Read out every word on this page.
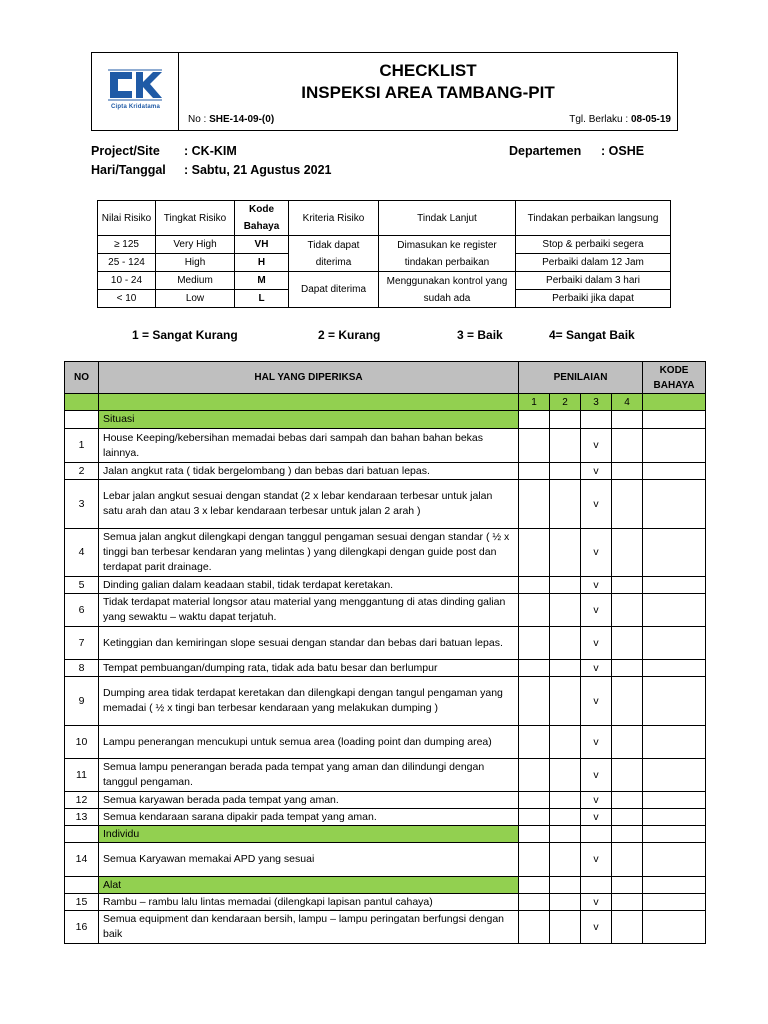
Cipta Kridatama
CHECKLIST
INSPEKSI AREA TAMBANG-PIT
No : SHE-14-09-(0)	Tgl. Berlaku : 08-05-19
Project/Site : CK-KIM
Hari/Tanggal : Sabtu, 21 Agustus 2021
Departemen : OSHE
Nilai Risiko	Tingkat Risiko	Kode Bahaya	Kriteria Risiko	Tindak Lanjut	Tindakan perbaikan langsung
≥ 125	Very High	VH	Tidak dapat diterima	Dimasukan ke register tindakan perbaikan	Stop & perbaiki segera
25 - 124	High	H			Perbaiki dalam 12 Jam
10 - 24	Medium	M	Dapat diterima	Menggunakan kontrol yang sudah ada	Perbaiki dalam 3 hari
< 10	Low	L			Perbaiki jika dapat
1 = Sangat Kurang	2 = Kurang	3 = Baik	4= Sangat Baik
NO	HAL YANG DIPERIKSA	PENILAIAN				KODE BAHAYA
		1	2	3	4	
	Situasi					
1	House Keeping/kebersihan memadai bebas dari sampah dan bahan bahan bekas lainnya.			v		
2	Jalan angkut rata ( tidak bergelombang ) dan bebas dari batuan lepas.			v		
3	Lebar jalan angkut sesuai dengan standat (2 x lebar kendaraan terbesar untuk jalan satu arah dan atau 3 x lebar kendaraan terbesar untuk jalan 2 arah )			v		
4	Semua jalan angkut dilengkapi dengan tanggul pengaman sesuai dengan standar ( ½ x tinggi ban terbesar kendaran yang melintas ) yang dilengkapi dengan guide post dan terdapat parit drainage.			v		
5	Dinding galian dalam keadaan stabil, tidak terdapat keretakan.			v		
6	Tidak terdapat material longsor atau material yang menggantung di atas dinding galian yang sewaktu – waktu dapat terjatuh.			v		
7	Ketinggian dan kemiringan slope sesuai dengan standar dan bebas dari batuan lepas.			v		
8	Tempat pembuangan/dumping rata, tidak ada batu besar dan berlumpur			v		
9	Dumping area tidak terdapat keretakan dan dilengkapi dengan tangul pengaman yang memadai ( ½ x tingi ban terbesar kendaraan yang melakukan dumping )			v		
10	Lampu penerangan mencukupi untuk semua area (loading point dan dumping area)			v		
11	Semua lampu penerangan berada pada tempat yang aman dan dilindungi dengan tanggul pengaman.			v		
12	Semua karyawan berada pada tempat yang aman.			v		
13	Semua kendaraan sarana dipakir pada tempat yang aman.			v		
	Individu					
14	Semua Karyawan memakai APD yang sesuai			v		
	Alat					
15	Rambu – rambu lalu lintas memadai (dilengkapi lapisan pantul cahaya)			v		
16	Semua equipment dan kendaraan bersih, lampu – lampu peringatan berfungsi dengan baik			v		
